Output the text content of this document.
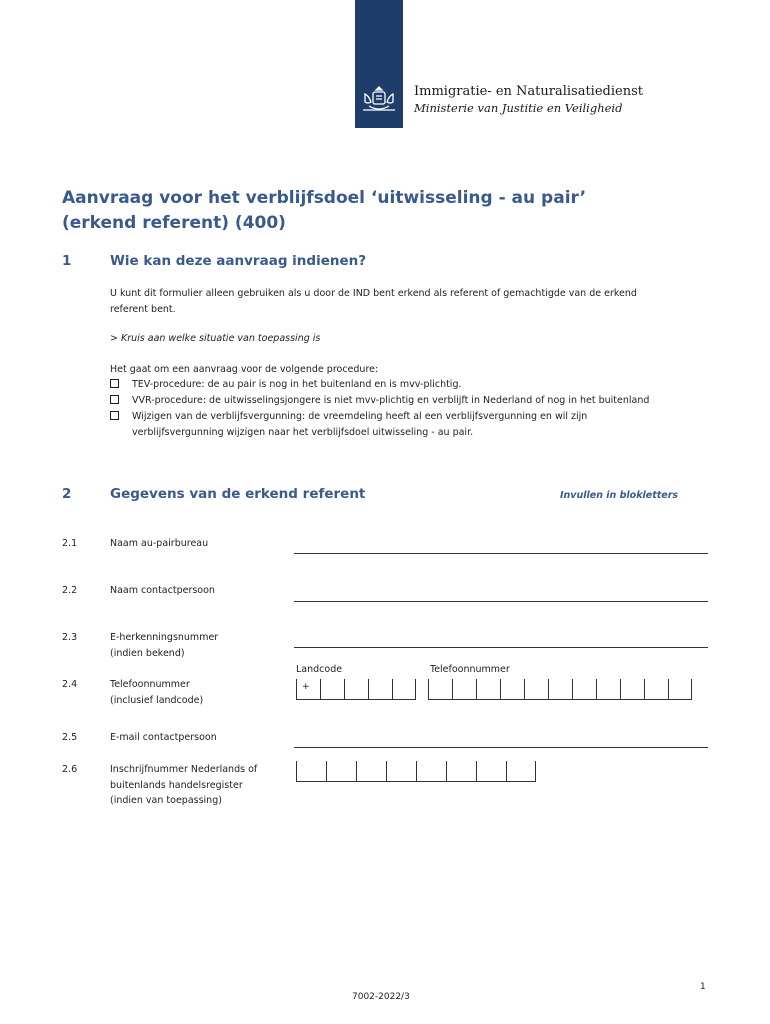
Immigratie- en Naturalisatiedienst
Ministerie van Justitie en Veiligheid
Aanvraag voor het verblijfsdoel ‘uitwisseling - au pair’
(erkend referent) (400)
1	Wie kan deze aanvraag indienen?
U kunt dit formulier alleen gebruiken als u door de IND bent erkend als referent of gemachtigde van de erkend
referent bent.
> Kruis aan welke situatie van toepassing is
Het gaat om een aanvraag voor de volgende procedure:
TEV-procedure: de au pair is nog in het buitenland en is mvv-plichtig.
VVR-procedure: de uitwisselingsjongere is niet mvv-plichtig en verblijft in Nederland of nog in het buitenland
Wijzigen van de verblijfsvergunning: de vreemdeling heeft al een verblijfsvergunning en wil zijn
verblijfsvergunning wijzigen naar het verblijfsdoel uitwisseling - au pair.
2	Gegevens van de erkend referent	Invullen in blokletters
2.1	Naam au-pairbureau
2.2	Naam contactpersoon
2.3	E-herkenningsnummer
(indien bekend)
Landcode	Telefoonnummer
2.4	Telefoonnummer
(inclusief landcode)
+
2.5	E-mail contactpersoon
2.6	Inschrijfnummer Nederlands of
buitenlands handelsregister
(indien van toepassing)
1
7002-2022/3
